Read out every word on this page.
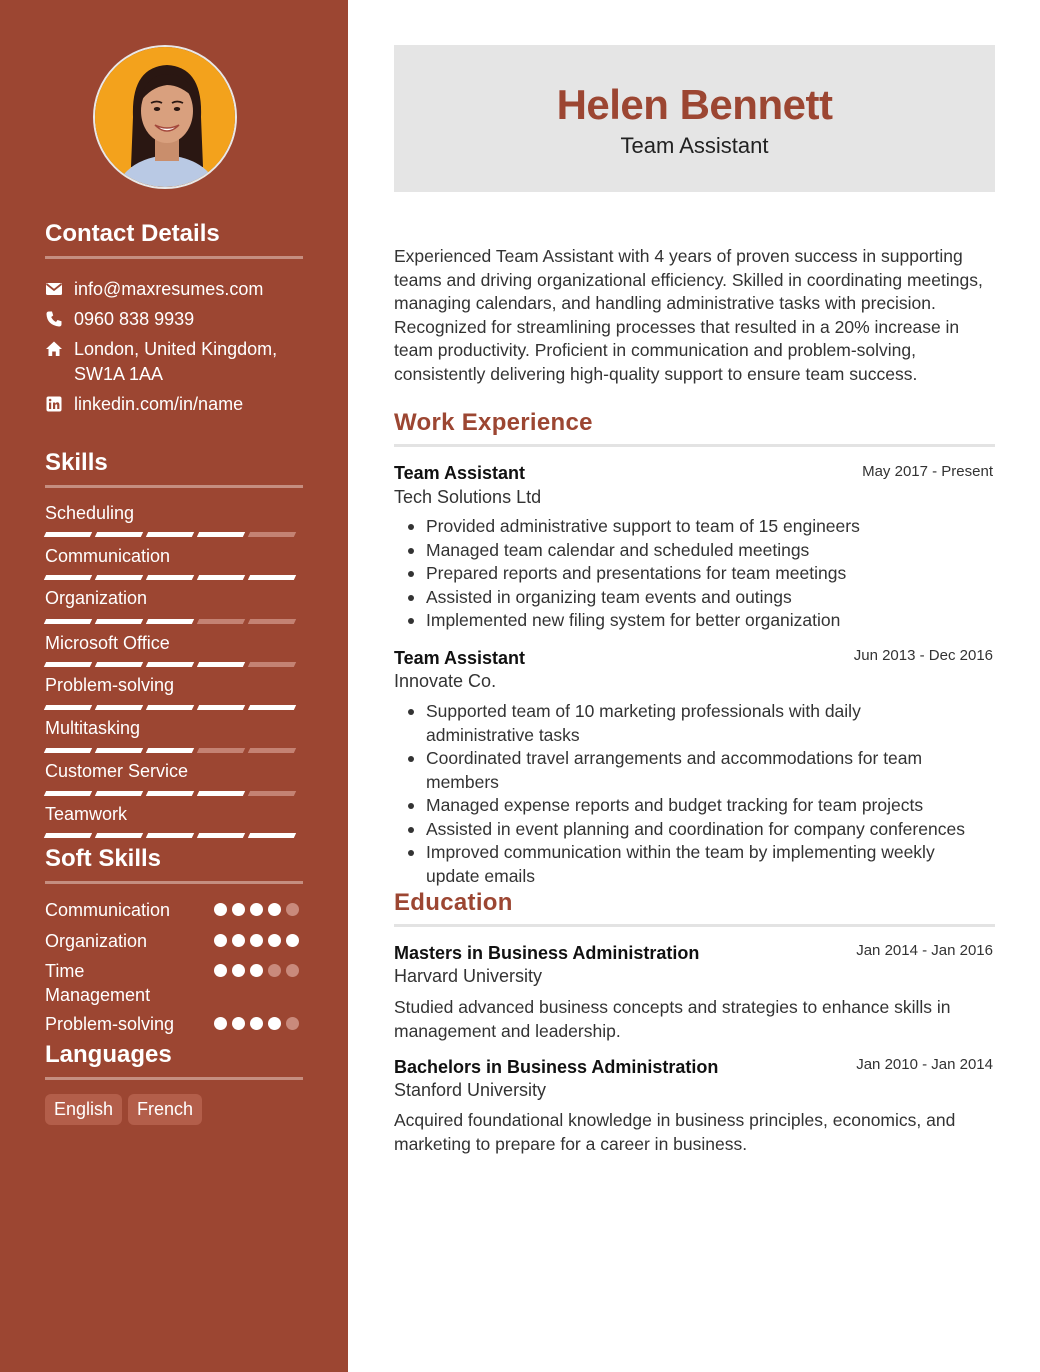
Contact Details
info@maxresumes.com
0960 838 9939
London, United Kingdom, SW1A 1AA
linkedin.com/in/name
Skills
Scheduling
Communication
Organization
Microsoft Office
Problem-solving
Multitasking
Customer Service
Teamwork
Soft Skills
Communication
Organization
Time Management
Problem-solving
Languages
English	French
Helen Bennett
Team Assistant
Experienced Team Assistant with 4 years of proven success in supporting teams and driving organizational efficiency. Skilled in coordinating meetings, managing calendars, and handling administrative tasks with precision. Recognized for streamlining processes that resulted in a 20% increase in team productivity. Proficient in communication and problem-solving, consistently delivering high-quality support to ensure team success.
Work Experience
Team Assistant	May 2017 - Present
Tech Solutions Ltd
Provided administrative support to team of 15 engineers
Managed team calendar and scheduled meetings
Prepared reports and presentations for team meetings
Assisted in organizing team events and outings
Implemented new filing system for better organization
Team Assistant	Jun 2013 - Dec 2016
Innovate Co.
Supported team of 10 marketing professionals with daily administrative tasks
Coordinated travel arrangements and accommodations for team members
Managed expense reports and budget tracking for team projects
Assisted in event planning and coordination for company conferences
Improved communication within the team by implementing weekly update emails
Education
Masters in Business Administration	Jan 2014 - Jan 2016
Harvard University
Studied advanced business concepts and strategies to enhance skills in management and leadership.
Bachelors in Business Administration	Jan 2010 - Jan 2014
Stanford University
Acquired foundational knowledge in business principles, economics, and marketing to prepare for a career in business.
